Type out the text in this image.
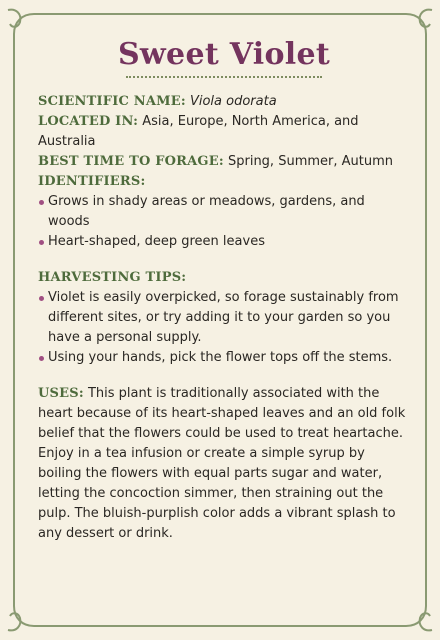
Sweet Violet

SCIENTIFIC NAME: Viola odorata

LOCATED IN: Asia, Europe, North America, and Australia

BEST TIME TO FORAGE: Spring, Summer, Autumn

IDENTIFIERS:

Grows in shady areas or meadows, gardens, and woods
Heart-shaped, deep green leaves

HARVESTING TIPS:

Violet is easily overpicked, so forage sustainably from different sites, or try adding it to your garden so you have a personal supply.
Using your hands, pick the flower tops off the stems.

USES: This plant is traditionally associated with the heart because of its heart-shaped leaves and an old folk belief that the flowers could be used to treat heartache. Enjoy in a tea infusion or create a simple syrup by boiling the flowers with equal parts sugar and water, letting the concoction simmer, then straining out the pulp. The bluish-purplish color adds a vibrant splash to any dessert or drink.
